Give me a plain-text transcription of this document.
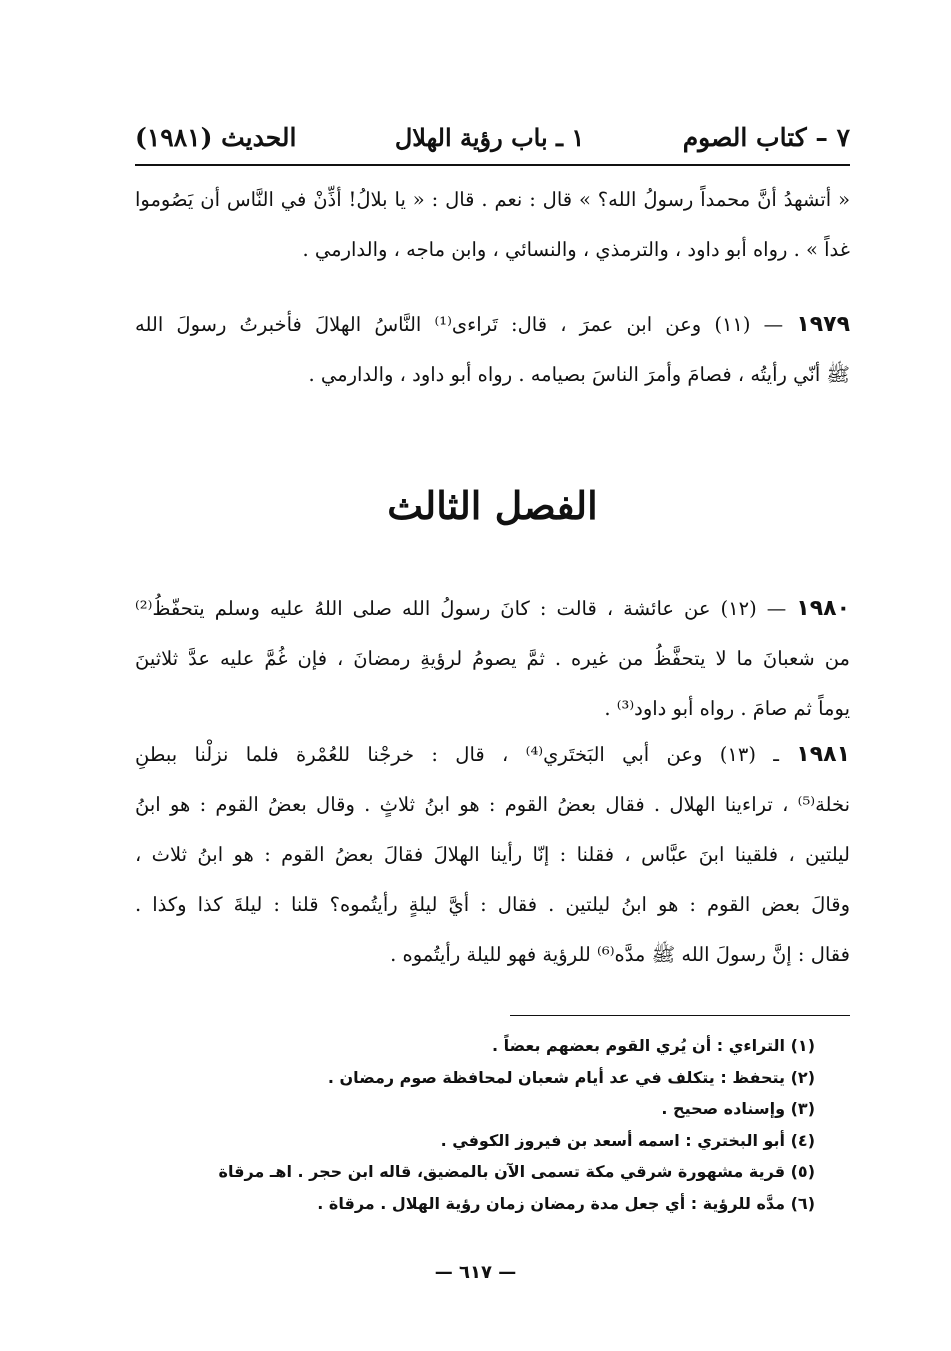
٧ – كتاب الصوم
١ ـ باب رؤية الهلال
الحديث (١٩٨١)
« أتشهدُ أنَّ محمداً رسولُ الله؟ » قال : نعم . قال : « يا بلالُ! أذِّنْ في النَّاس أن يَصُوموا
غداً » . رواه أبو داود ، والترمذي ، والنسائي ، وابن ماجه ، والدارمي .
١٩٧٩ — (١١) وعن ابن عمرَ ، قال: تَراءى⁽¹⁾ النَّاسُ الهلالَ فأخبرتُ رسولَ الله
ﷺ أنّي رأيتُه ، فصامَ وأمرَ الناسَ بصيامه . رواه أبو داود ، والدارمي .
الفصل الثالث
١٩٨٠ — (١٢) عن عائشة ، قالت : كانَ رسولُ الله صلى اللهُ عليه وسلم يتحفّظُ⁽²⁾
من شعبانَ ما لا يتحفَّظُ من غيره . ثمَّ يصومُ لرؤيةِ رمضانَ ، فإن غُمَّ عليه عدَّ ثلاثينَ
يوماً ثم صامَ . رواه أبو داود⁽³⁾ .
١٩٨١ ـ (١٣) وعن أبي البَختَري⁽⁴⁾ ، قال : خرجْنا للعُمْرة فلما نزلْنا ببطنِ
نخلة⁽⁵⁾ ، تراءينا الهلال . فقال بعضُ القوم : هو ابنُ ثلاثٍ . وقال بعضُ القوم : هو ابنُ
ليلتين ، فلقينا ابنَ عبَّاس ، فقلنا : إنّا رأينا الهلالَ فقالَ بعضُ القوم : هو ابنُ ثلاث ،
وقالَ بعض القوم : هو ابنُ ليلتين . فقال : أيَّ ليلةٍ رأيتُموه؟ قلنا : ليلةَ كذا وكذا .
فقال : إنَّ رسولَ الله ﷺ مدَّه⁽⁶⁾ للرؤية فهو لليلة رأيتُموه .
(١) التراءي : أن يُري القوم بعضهم بعضاً .
(٢) يتحفظ : يتكلف في عد أيام شعبان لمحافظة صوم رمضان .
(٣) وإسناده صحيح .
(٤) أبو البختري : اسمه أسعد بن فيروز الكوفي .
(٥) قرية مشهورة شرقي مكة تسمى الآن بالمضيق، قاله ابن حجر . اهـ مرقاة
(٦) مدَّه للرؤية : أي جعل مدة رمضان زمان رؤية الهلال . مرقاة .
— ٦١٧ —
